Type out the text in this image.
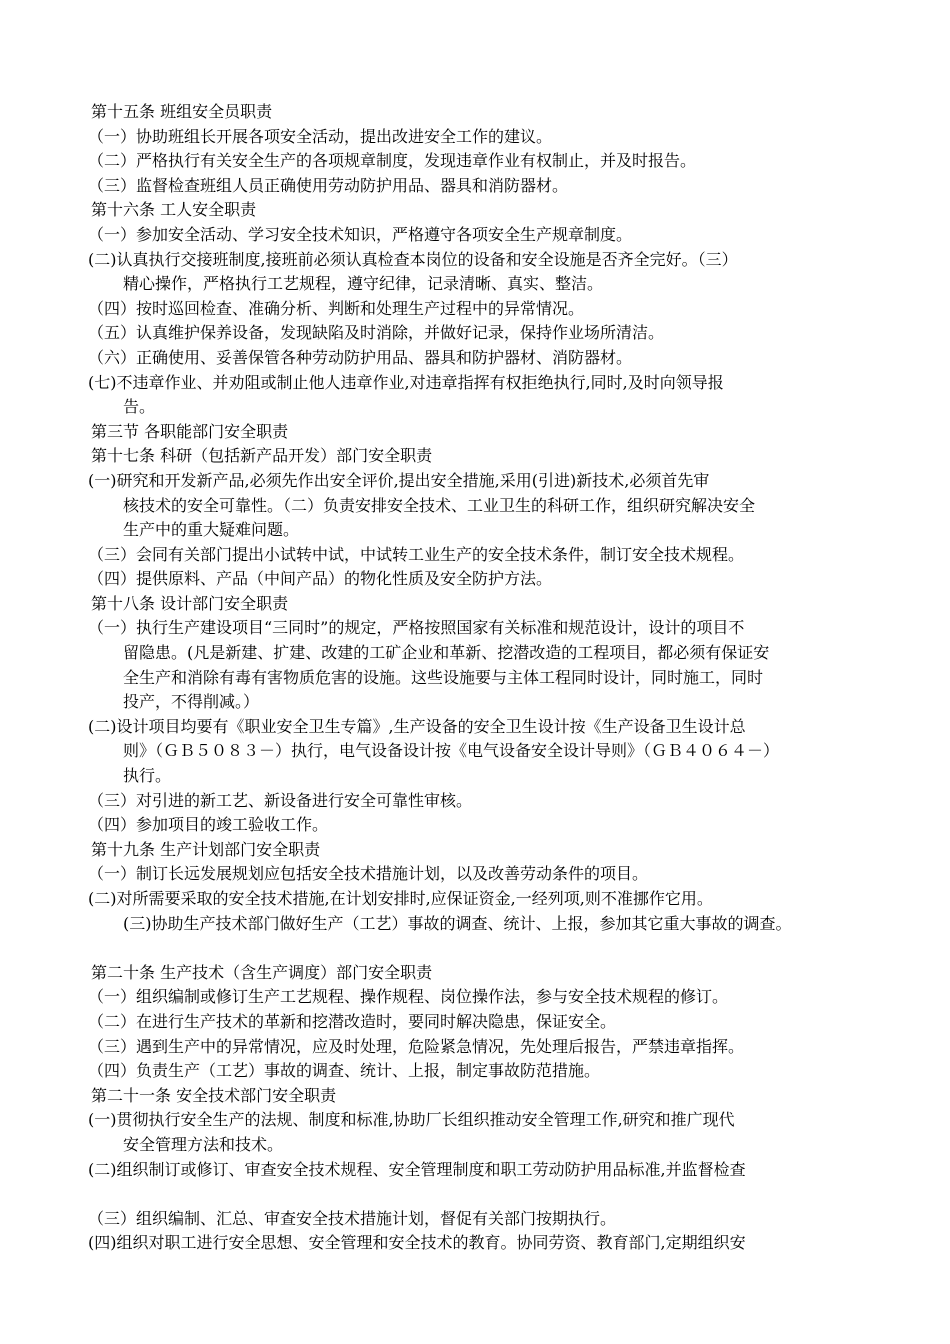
第十五条 班组安全员职责
（一）协助班组长开展各项安全活动，提出改进安全工作的建议。
（二）严格执行有关安全生产的各项规章制度，发现违章作业有权制止，并及时报告。
（三）监督检查班组人员正确使用劳动防护用品、器具和消防器材。
第十六条 工人安全职责
（一）参加安全活动、学习安全技术知识，严格遵守各项安全生产规章制度。
(二)认真执行交接班制度,接班前必须认真检查本岗位的设备和安全设施是否齐全完好。（三）
精心操作，严格执行工艺规程，遵守纪律，记录清晰、真实、整洁。
（四）按时巡回检查、准确分析、判断和处理生产过程中的异常情况。
（五）认真维护保养设备，发现缺陷及时消除，并做好记录，保持作业场所清洁。
（六）正确使用、妥善保管各种劳动防护用品、器具和防护器材、消防器材。
(七)不违章作业、并劝阻或制止他人违章作业,对违章指挥有权拒绝执行,同时,及时向领导报
告。
第三节 各职能部门安全职责
第十七条 科研（包括新产品开发）部门安全职责
(一)研究和开发新产品,必须先作出安全评价,提出安全措施,采用(引进)新技术,必须首先审
核技术的安全可靠性。（二）负责安排安全技术、工业卫生的科研工作，组织研究解决安全
生产中的重大疑难问题。
（三）会同有关部门提出小试转中试，中试转工业生产的安全技术条件，制订安全技术规程。
（四）提供原料、产品（中间产品）的物化性质及安全防护方法。
第十八条 设计部门安全职责
（一）执行生产建设项目“三同时”的规定，严格按照国家有关标准和规范设计，设计的项目不
留隐患。(凡是新建、扩建、改建的工矿企业和革新、挖潜改造的工程项目，都必须有保证安
全生产和消除有毒有害物质危害的设施。这些设施要与主体工程同时设计，同时施工，同时
投产，不得削减。）
(二)设计项目均要有《职业安全卫生专篇》,生产设备的安全卫生设计按《生产设备卫生设计总
则》（ＧＢ５０８３－）执行，电气设备设计按《电气设备安全设计导则》（ＧＢ４０６４－）
执行。
（三）对引进的新工艺、新设备进行安全可靠性审核。
（四）参加项目的竣工验收工作。
第十九条 生产计划部门安全职责
（一）制订长远发展规划应包括安全技术措施计划，以及改善劳动条件的项目。
(二)对所需要采取的安全技术措施,在计划安排时,应保证资金,一经列项,则不准挪作它用。
(三)协助生产技术部门做好生产（工艺）事故的调查、统计、上报，参加其它重大事故的调查。
第二十条 生产技术（含生产调度）部门安全职责
（一）组织编制或修订生产工艺规程、操作规程、岗位操作法，参与安全技术规程的修订。
（二）在进行生产技术的革新和挖潜改造时，要同时解决隐患，保证安全。
（三）遇到生产中的异常情况，应及时处理，危险紧急情况，先处理后报告，严禁违章指挥。
（四）负责生产（工艺）事故的调查、统计、上报，制定事故防范措施。
第二十一条 安全技术部门安全职责
(一)贯彻执行安全生产的法规、制度和标准,协助厂长组织推动安全管理工作,研究和推广现代
安全管理方法和技术。
(二)组织制订或修订、审查安全技术规程、安全管理制度和职工劳动防护用品标准,并监督检查
（三）组织编制、汇总、审查安全技术措施计划，督促有关部门按期执行。
(四)组织对职工进行安全思想、安全管理和安全技术的教育。协同劳资、教育部门,定期组织安
